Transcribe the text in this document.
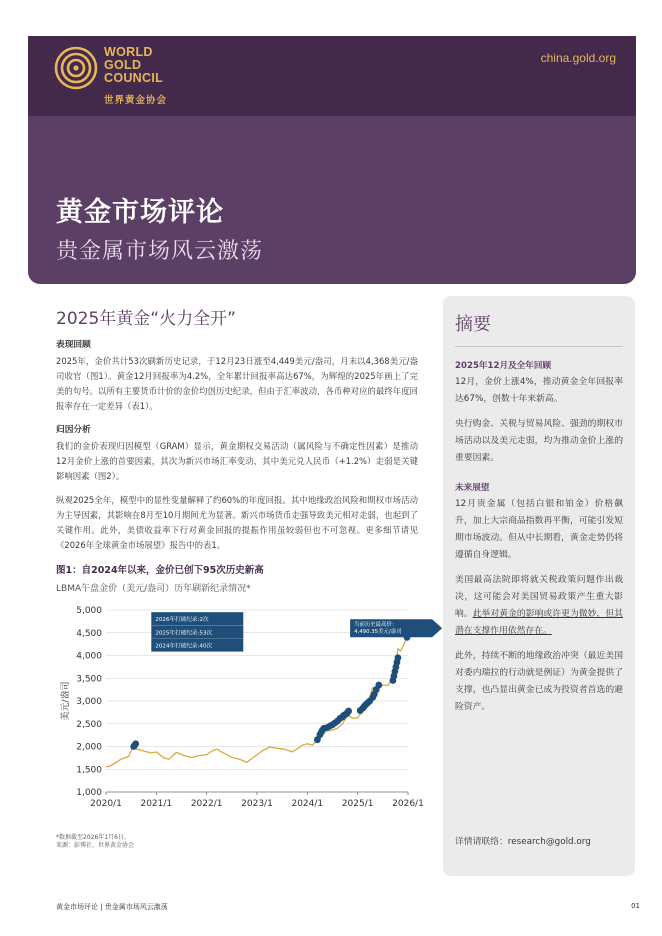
WORLD
GOLD
COUNCIL
世界黄金协会
china.gold.org
黄金市场评论
贵金属市场风云激荡
2025年黄金“火力全开”
表现回顾
2025年，金价共计53次刷新历史记录，于12月23日涨至4,449美元/盎司，月末以4,368美元/盎司收官（图1）。黄金12月回报率为4.2%，全年累计回报率高达67%，为辉煌的2025年画上了完美的句号。以所有主要货币计价的金价均创历史纪录，但由于汇率波动，各币种对应的最终年度回报率存在一定差异（表1）。
归因分析
我们的金价表现归因模型（GRAM）显示，黄金期权交易活动（属风险与不确定性因素）是推动12月金价上涨的首要因素，其次为新兴市场汇率变动，其中美元兑人民币（+1.2%）走弱是关键影响因素（图2）。
纵观2025全年，模型中的显性变量解释了约60%的年度回报。其中地缘政治风险和期权市场活动为主导因素，其影响在8月至10月期间尤为显著。新兴市场货币走强导致美元相对走弱，也起到了关键作用。此外，美债收益率下行对黄金回报的提振作用虽较弱但也不可忽视。更多细节请见《2026年全球黄金市场展望》报告中的表1。
图1：自2024年以来，金价已创下95次历史新高
LBMA午盘金价（美元/盎司）历年刷新纪录情况*
1,000
1,500
2,000
2,500
3,000
3,500
4,000
4,500
5,000
2020/1 2021/1 2022/1 2023/1 2024/1 2025/1 2026/1
美元/盎司
2026年打破纪录:2次
2025年打破纪录:53次
2024年打破纪录:40次
当前历史最高价：
4,490.35美元/盎司
*数据截至2026年1月6日。
来源：彭博社，世界黄金协会
摘要
2025年12月及全年回顾
12月，金价上涨4%，推动黄金全年回报率达67%，创数十年来新高。
央行购金、关税与贸易风险、强劲的期权市场活动以及美元走弱，均为推动金价上涨的重要因素。
未来展望
12月贵金属（包括白银和铂金）价格飙升，加上大宗商品指数再平衡，可能引发短期市场波动。但从中长期看，黄金走势仍将遵循自身逻辑。
美国最高法院即将就关税政策问题作出裁决，这可能会对美国贸易政策产生重大影响。此举对黄金的影响或许更为微妙，但其潜在支撑作用依然存在。
此外，持续不断的地缘政治冲突（最近美国对委内瑞拉的行动就是例证）为黄金提供了支撑，也凸显出黄金已成为投资者首选的避险资产。
详情请联络：research@gold.org
黄金市场评论 | 贵金属市场风云激荡	01
